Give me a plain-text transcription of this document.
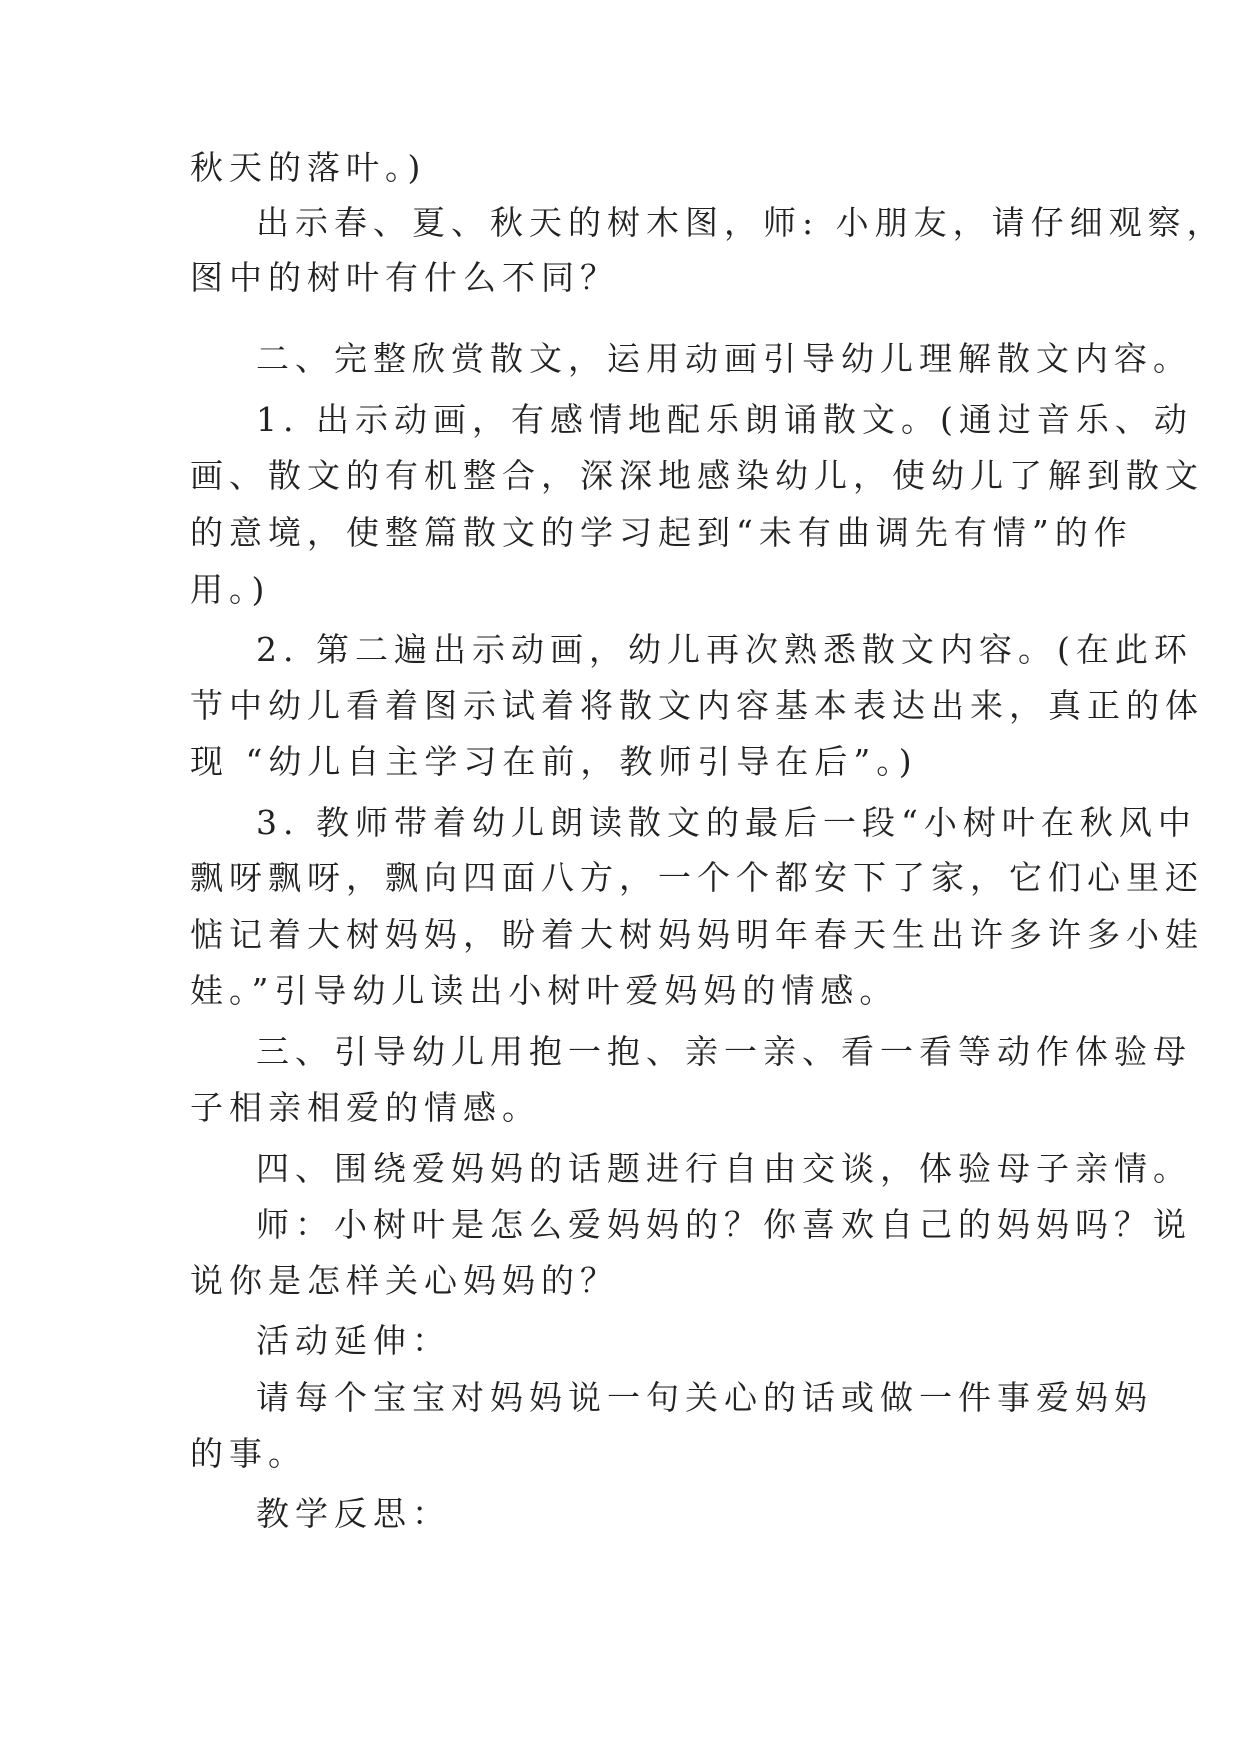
秋天的落叶。)
出示春、夏、秋天的树木图，师: 小朋友，请仔细观察，
图中的树叶有什么不同？
二、完整欣赏散文，运用动画引导幼儿理解散文内容。
1. 出示动画，有感情地配乐朗诵散文。(通过音乐、动
画、散文的有机整合，深深地感染幼儿，使幼儿了解到散文
的意境，使整篇散文的学习起到“未有曲调先有情”的作
用。)
2. 第二遍出示动画，幼儿再次熟悉散文内容。(在此环
节中幼儿看着图示试着将散文内容基本表达出来，真正的体
现 “幼儿自主学习在前，教师引导在后”。)
3. 教师带着幼儿朗读散文的最后一段“小树叶在秋风中
飘呀飘呀，飘向四面八方，一个个都安下了家，它们心里还
惦记着大树妈妈，盼着大树妈妈明年春天生出许多许多小娃
娃。”引导幼儿读出小树叶爱妈妈的情感。
三、引导幼儿用抱一抱、亲一亲、看一看等动作体验母
子相亲相爱的情感。
四、围绕爱妈妈的话题进行自由交谈，体验母子亲情。
师：小树叶是怎么爱妈妈的？你喜欢自己的妈妈吗？说
说你是怎样关心妈妈的？
活动延伸：
请每个宝宝对妈妈说一句关心的话或做一件事爱妈妈
的事。
教学反思：
